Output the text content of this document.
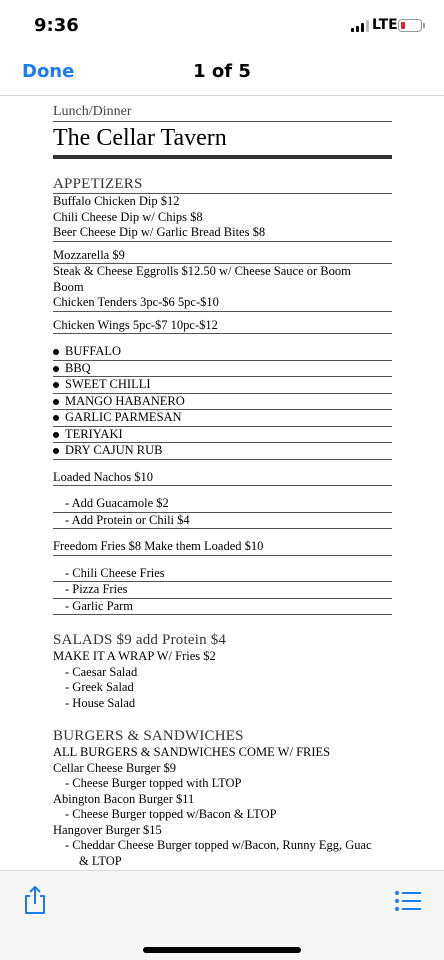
9:36	LTE
Done	1 of 5
Lunch/Dinner
The Cellar Tavern
APPETIZERS
Buffalo Chicken Dip $12
Chili Cheese Dip w/ Chips $8
Beer Cheese Dip w/ Garlic Bread Bites $8
Mozzarella $9
Steak & Cheese Eggrolls $12.50 w/ Cheese Sauce or Boom
Boom
Chicken Tenders 3pc-$6 5pc-$10
Chicken Wings 5pc-$7 10pc-$12
BUFFALO
BBQ
SWEET CHILLI
MANGO HABANERO
GARLIC PARMESAN
TERIYAKI
DRY CAJUN RUB
Loaded Nachos $10
- Add Guacamole $2
- Add Protein or Chili $4
Freedom Fries $8 Make them Loaded $10
- Chili Cheese Fries
- Pizza Fries
- Garlic Parm
SALADS $9 add Protein $4
MAKE IT A WRAP W/ Fries $2
- Caesar Salad
- Greek Salad
- House Salad
BURGERS & SANDWICHES
ALL BURGERS & SANDWICHES COME W/ FRIES
Cellar Cheese Burger $9
- Cheese Burger topped with LTOP
Abington Bacon Burger $11
- Cheese Burger topped w/Bacon & LTOP
Hangover Burger $15
- Cheddar Cheese Burger topped w/Bacon, Runny Egg, Guac
& LTOP
